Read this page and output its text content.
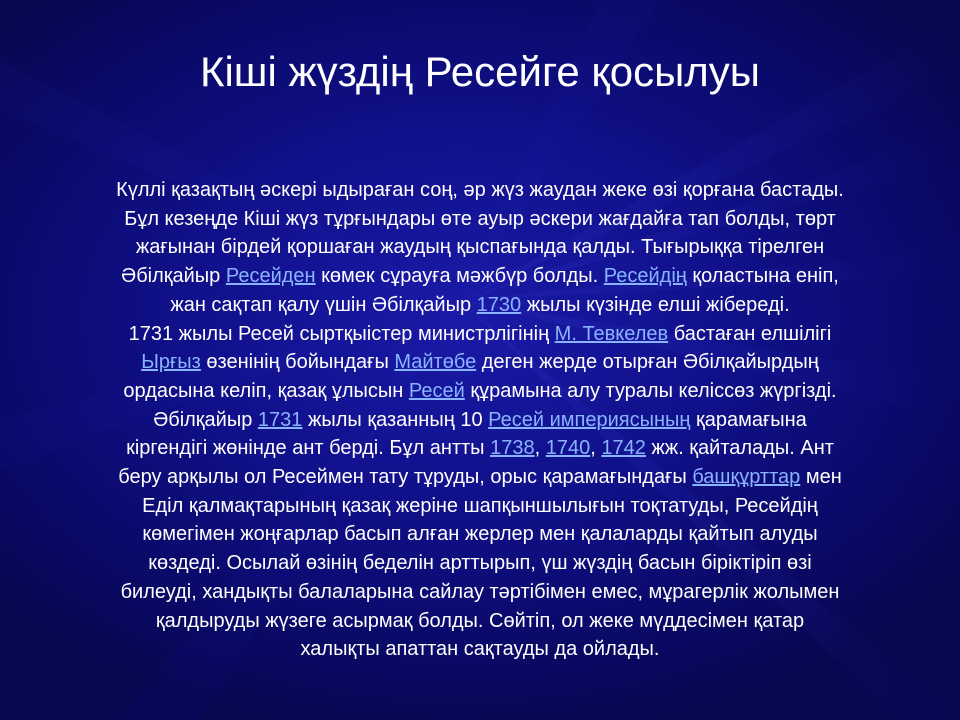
Кіші жүздің Ресейге қосылуы
Күллі қазақтың әскері ыдыраған соң, әр жүз жаудан жеке өзі қорғана бастады.
Бұл кезеңде Кіші жүз тұрғындары өте ауыр әскери жағдайға тап болды, төрт
жағынан бірдей қоршаған жаудың қыспағында қалды. Тығырыққа тірелген
Әбілқайыр Ресейден көмек сұрауға мәжбүр болды. Ресейдің қоластына еніп,
жан сақтап қалу үшін Әбілқайыр 1730 жылы күзінде елші жібереді.
1731 жылы Ресей сыртқыістер министрлігінің М. Тевкелев бастаған елшілігі
Ырғыз өзенінің бойындағы Майтөбе деген жерде отырған Әбілқайырдың
ордасына келіп, қазақ ұлысын Ресей құрамына алу туралы келіссөз жүргізді.
Әбілқайыр 1731 жылы қазанның 10 Ресей империясының қарамағына
кіргендігі жөнінде ант берді. Бұл антты 1738, 1740, 1742 жж. қайталады. Ант
беру арқылы ол Ресеймен тату тұруды, орыс қарамағындағы башқұрттар мен
Еділ қалмақтарының қазақ жеріне шапқыншылығын тоқтатуды, Ресейдің
көмегімен жоңғарлар басып алған жерлер мен қалаларды қайтып алуды
көздеді. Осылай өзінің беделін арттырып, үш жүздің басын біріктіріп өзі
билеуді, хандықты балаларына сайлау тәртібімен емес, мұрагерлік жолымен
қалдыруды жүзеге асырмақ болды. Сөйтіп, ол жеке мүддесімен қатар
халықты апаттан сақтауды да ойлады.
